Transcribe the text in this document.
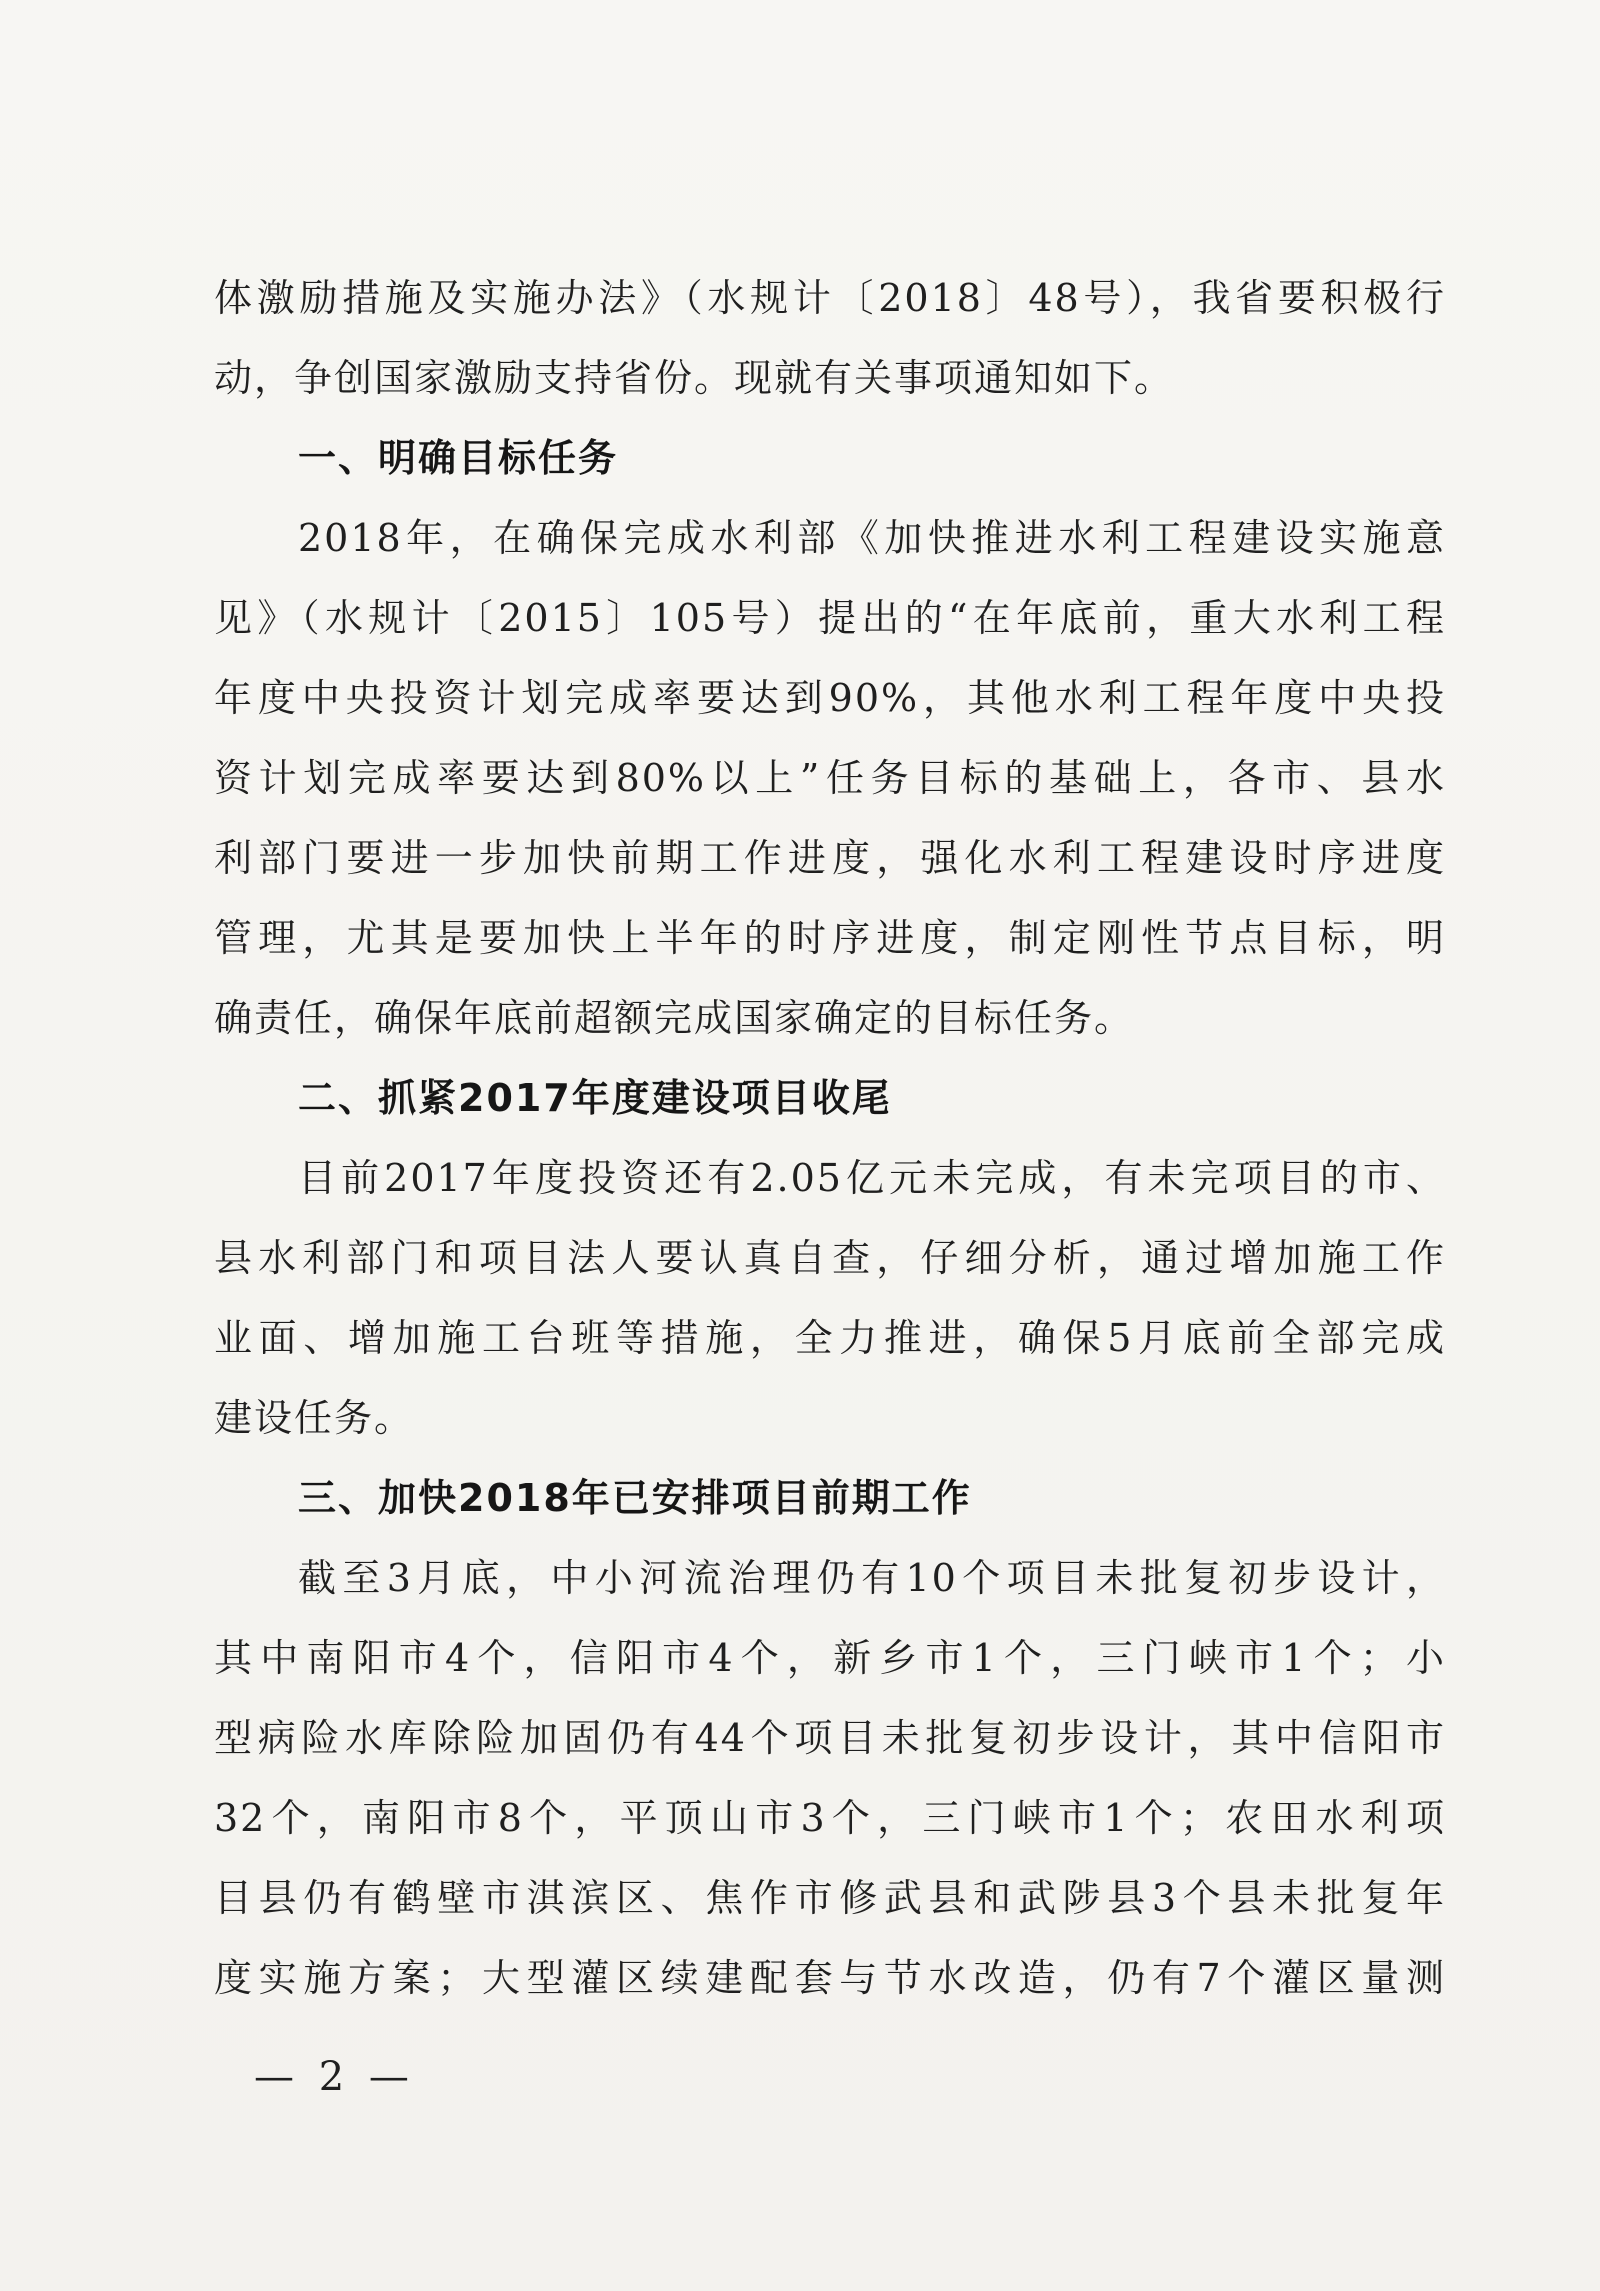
体激励措施及实施办法》（水规计〔2018〕48号），我省要积极行
动，争创国家激励支持省份。现就有关事项通知如下。
一、明确目标任务
2018年，在确保完成水利部《加快推进水利工程建设实施意
见》（水规计〔2015〕105号）提出的“在年底前，重大水利工程
年度中央投资计划完成率要达到90%，其他水利工程年度中央投
资计划完成率要达到80%以上”任务目标的基础上，各市、县水
利部门要进一步加快前期工作进度，强化水利工程建设时序进度
管理，尤其是要加快上半年的时序进度，制定刚性节点目标，明
确责任，确保年底前超额完成国家确定的目标任务。
二、抓紧2017年度建设项目收尾
目前2017年度投资还有2.05亿元未完成，有未完项目的市、
县水利部门和项目法人要认真自查，仔细分析，通过增加施工作
业面、增加施工台班等措施，全力推进，确保5月底前全部完成
建设任务。
三、加快2018年已安排项目前期工作
截至3月底，中小河流治理仍有10个项目未批复初步设计，
其中南阳市4个，信阳市4个，新乡市1个，三门峡市1个；小
型病险水库除险加固仍有44个项目未批复初步设计，其中信阳市
32个，南阳市8个，平顶山市3个，三门峡市1个；农田水利项
目县仍有鹤壁市淇滨区、焦作市修武县和武陟县3个县未批复年
度实施方案；大型灌区续建配套与节水改造，仍有7个灌区量测
— 2 —
